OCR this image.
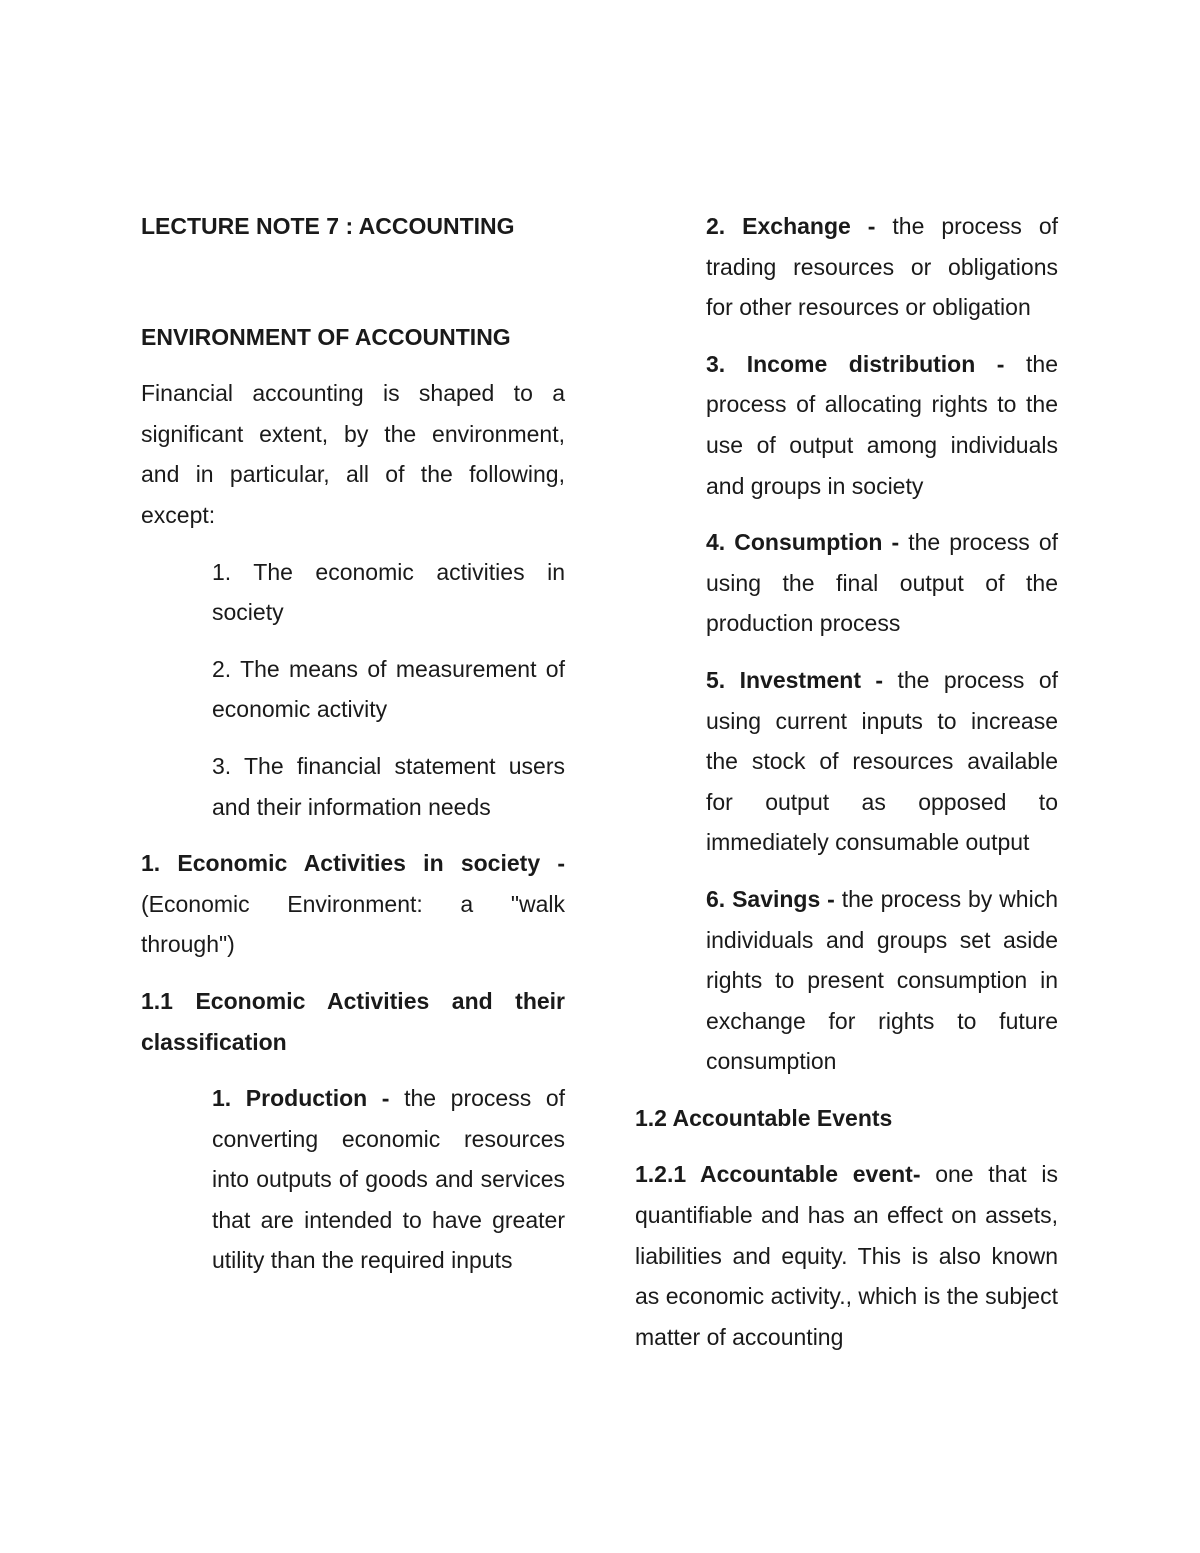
LECTURE NOTE 7 : ACCOUNTING

ENVIRONMENT OF ACCOUNTING

Financial accounting is shaped to a significant extent, by the environment, and in particular, all of the following, except:

1. The economic activities in society

2. The means of measurement of economic activity

3. The financial statement users and their information needs

1. Economic Activities in society - (Economic Environment: a "walk through")

1.1 Economic Activities and their classification

1. Production - the process of converting economic resources into outputs of goods and services that are intended to have greater utility than the required inputs

2. Exchange - the process of trading resources or obligations for other resources or obligation

3. Income distribution - the process of allocating rights to the use of output among individuals and groups in society

4. Consumption - the process of using the final output of the production process

5. Investment - the process of using current inputs to increase the stock of resources available for output as opposed to immediately consumable output

6. Savings - the process by which individuals and groups set aside rights to present consumption in exchange for rights to future consumption

1.2 Accountable Events

1.2.1 Accountable event- one that is quantifiable and has an effect on assets, liabilities and equity. This is also known as economic activity., which is the subject matter of accounting
